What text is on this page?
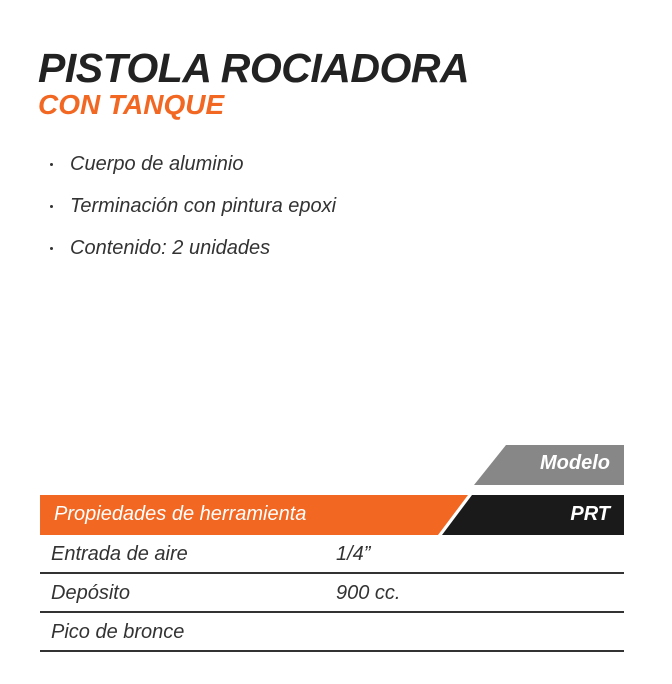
PISTOLA ROCIADORA
CON TANQUE
Cuerpo de aluminio
Terminación con pintura epoxi
Contenido: 2 unidades
Modelo
Propiedades de herramienta	PRT
Entrada de aire	1/4”
Depósito	900 cc.
Pico de bronce
